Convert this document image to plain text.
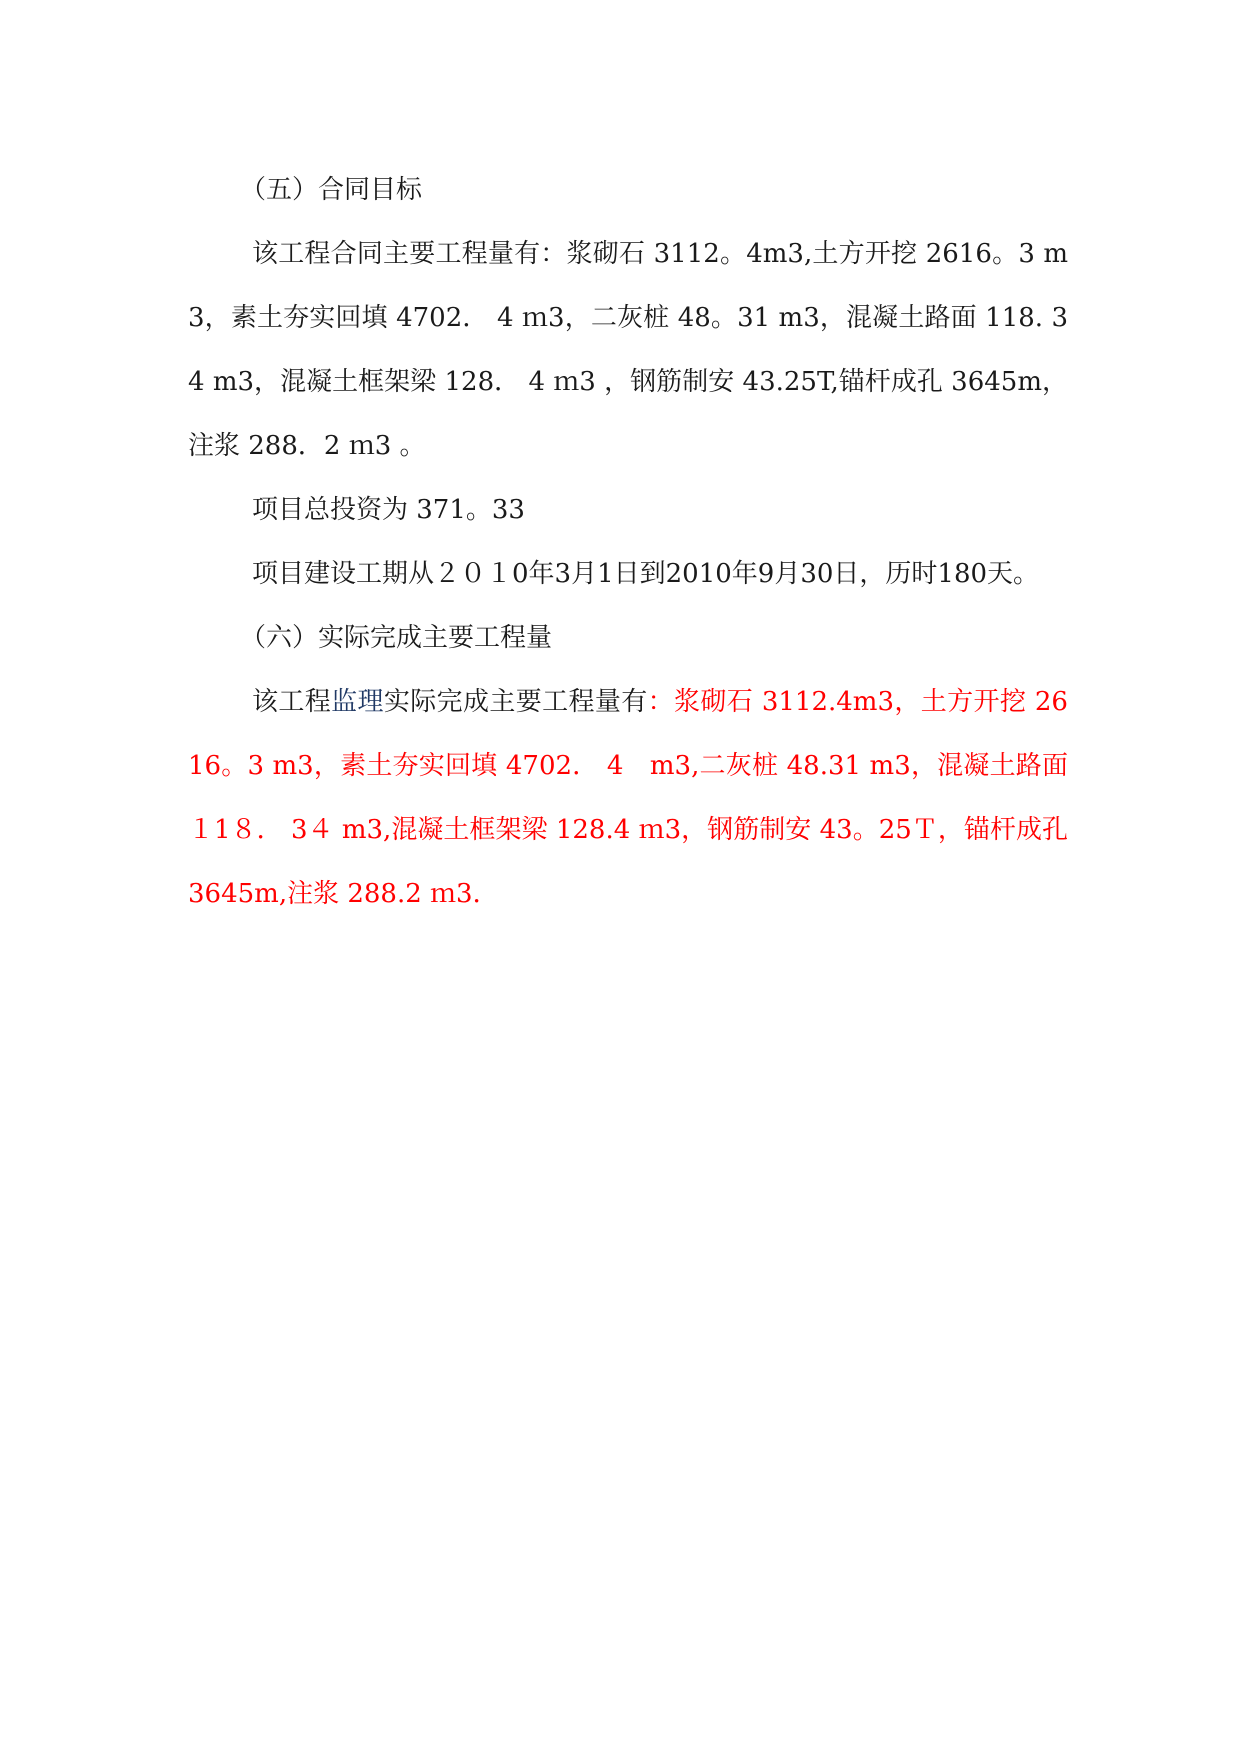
（五）合同目标

该工程合同主要工程量有：浆砌石 3112。4m3,土方开挖 2616。3 m3，素土夯实回填 4702． 4 ｍ3，二灰桩 48。31 m3，混凝土路面 118. 34 m3，混凝土框架梁 128． 4 ｍ3 ，钢筋制安 43.25T,锚杆成孔 3645m，注浆 288．2 ｍ3 。

项目总投资为 371。33

项目建设工期从２０１0年3月1日到2010年9月30日，历时180天。

（六）实际完成主要工程量

该工程监理实际完成主要工程量有：浆砌石 3112.4m3，土方开挖 2616。3 m3，素土夯实回填 4702． 4　m3,二灰桩 48.31 m3，混凝土路面１1８． 3４ m3,混凝土框架梁 128.4 ｍ3，钢筋制安 43。25Ｔ，锚杆成孔 3645m,注浆 288.2 ｍ3．
